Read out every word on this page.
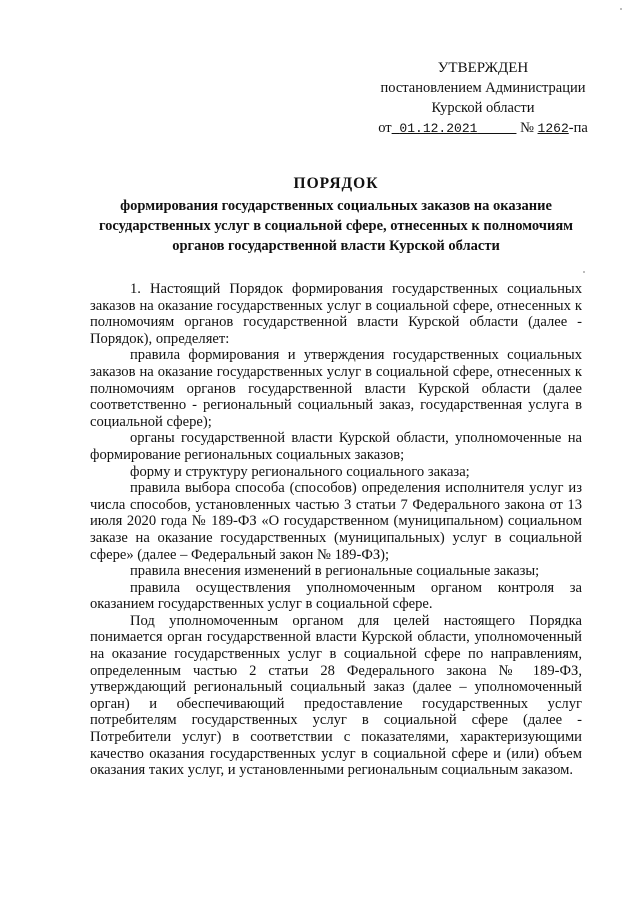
УТВЕРЖДЕН
постановлением Администрации
Курской области
от 01.12.2021	№ 1262-па
ПОРЯДОК
формирования государственных социальных заказов на оказание государственных услуг в социальной сфере, отнесенных к полномочиям органов государственной власти Курской области

1. Настоящий Порядок формирования государственных социальных заказов на оказание государственных услуг в социальной сфере, отнесенных к полномочиям органов государственной власти Курской области (далее - Порядок), определяет:

правила формирования и утверждения государственных социальных заказов на оказание государственных услуг в социальной сфере, отнесенных к полномочиям органов государственной власти Курской области (далее соответственно - региональный социальный заказ, государственная услуга в социальной сфере);

органы государственной власти Курской области, уполномоченные на формирование региональных социальных заказов;

форму и структуру регионального социального заказа;

правила выбора способа (способов) определения исполнителя услуг из числа способов, установленных частью 3 статьи 7 Федерального закона от 13 июля 2020 года № 189-ФЗ «О государственном (муниципальном) социальном заказе на оказание государственных (муниципальных) услуг в социальной сфере» (далее – Федеральный закон № 189-ФЗ);

правила внесения изменений в региональные социальные заказы;

правила осуществления уполномоченным органом контроля за оказанием государственных услуг в социальной сфере.

Под уполномоченным органом для целей настоящего Порядка понимается орган государственной власти Курской области, уполномоченный на оказание государственных услуг в социальной сфере по направлениям, определенным частью 2 статьи 28 Федерального закона № 189-ФЗ, утверждающий региональный социальный заказ (далее – уполномоченный орган) и обеспечивающий предоставление государственных услуг потребителям государственных услуг в социальной сфере (далее - Потребители услуг) в соответствии с показателями, характеризующими качество оказания государственных услуг в социальной сфере и (или) объем оказания таких услуг, и установленными региональным социальным заказом.
